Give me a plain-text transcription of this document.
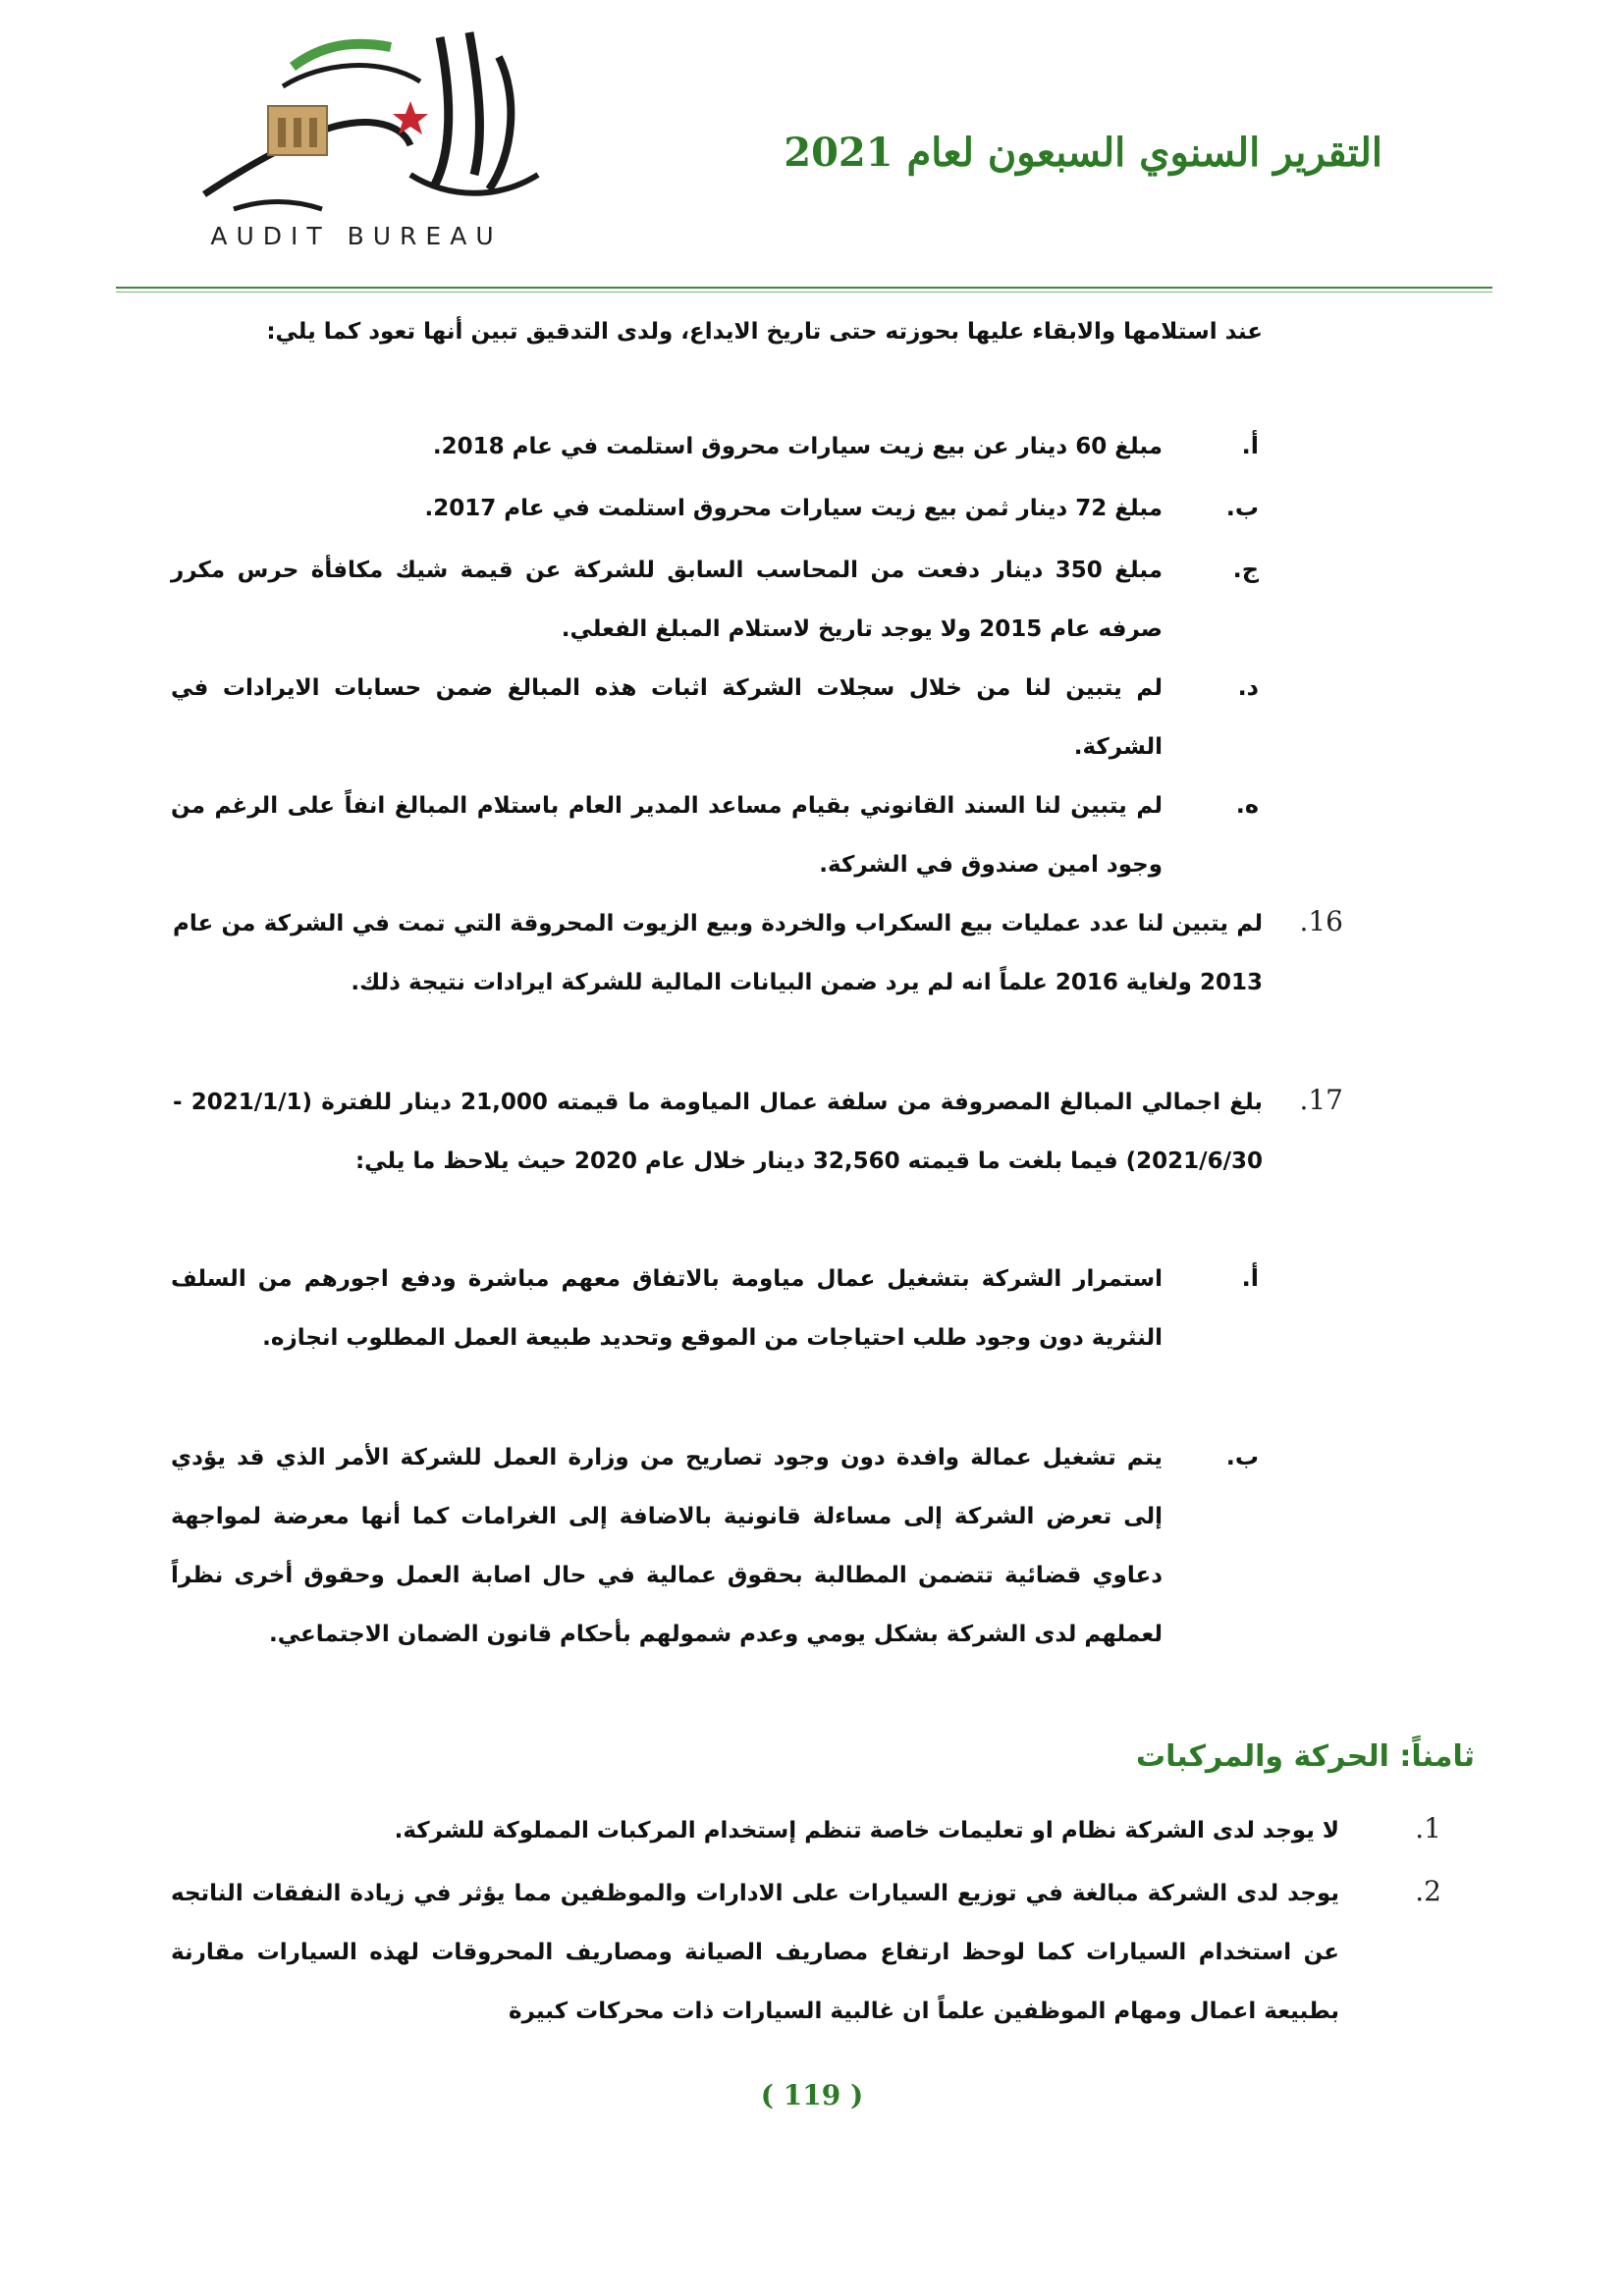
التقرير السنوي السبعون لعام 2021
AUDIT BUREAU
عند استلامها والابقاء عليها بحوزته حتى تاريخ الايداع، ولدى التدقيق تبين أنها تعود كما يلي:
أ.
مبلغ 60 دينار عن بيع زيت سيارات محروق استلمت في عام 2018.
ب.
مبلغ 72 دينار ثمن بيع زيت سيارات محروق استلمت في عام 2017.
ج.
مبلغ 350 دينار دفعت من المحاسب السابق للشركة عن قيمة شيك مكافأة حرس مكرر صرفه عام 2015 ولا يوجد تاريخ لاستلام المبلغ الفعلي.
د.
لم يتبين لنا من خلال سجلات الشركة اثبات هذه المبالغ ضمن حسابات الايرادات في الشركة.
ه.
لم يتبين لنا السند القانوني بقيام مساعد المدير العام باستلام المبالغ انفاً على الرغم من وجود امين صندوق في الشركة.
16.
لم يتبين لنا عدد عمليات بيع السكراب والخردة وبيع الزيوت المحروقة التي تمت في الشركة من عام 2013 ولغاية 2016 علماً انه لم يرد ضمن البيانات المالية للشركة ايرادات نتيجة ذلك.
17.
بلغ اجمالي المبالغ المصروفة من سلفة عمال المياومة ما قيمته 21,000 دينار للفترة (2021/1/1 - 2021/6/30) فيما بلغت ما قيمته 32,560 دينار خلال عام 2020 حيث يلاحظ ما يلي:
أ.
استمرار الشركة بتشغيل عمال مياومة بالاتفاق معهم مباشرة ودفع اجورهم من السلف النثرية دون وجود طلب احتياجات من الموقع وتحديد طبيعة العمل المطلوب انجازه.
ب.
يتم تشغيل عمالة وافدة دون وجود تصاريح من وزارة العمل للشركة الأمر الذي قد يؤدي إلى تعرض الشركة إلى مساءلة قانونية بالاضافة إلى الغرامات كما أنها معرضة لمواجهة دعاوي قضائية تتضمن المطالبة بحقوق عمالية في حال اصابة العمل وحقوق أخرى نظراً لعملهم لدى الشركة بشكل يومي وعدم شمولهم بأحكام قانون الضمان الاجتماعي.
ثامناً: الحركة والمركبات
1.
لا يوجد لدى الشركة نظام او تعليمات خاصة تنظم إستخدام المركبات المملوكة للشركة.
2.
يوجد لدى الشركة مبالغة في توزيع السيارات على الادارات والموظفين مما يؤثر في زيادة النفقات الناتجه عن استخدام السيارات كما لوحظ ارتفاع مصاريف الصيانة ومصاريف المحروقات لهذه السيارات مقارنة بطبيعة اعمال ومهام الموظفين علماً ان غالبية السيارات ذات محركات كبيرة
( 119 )
